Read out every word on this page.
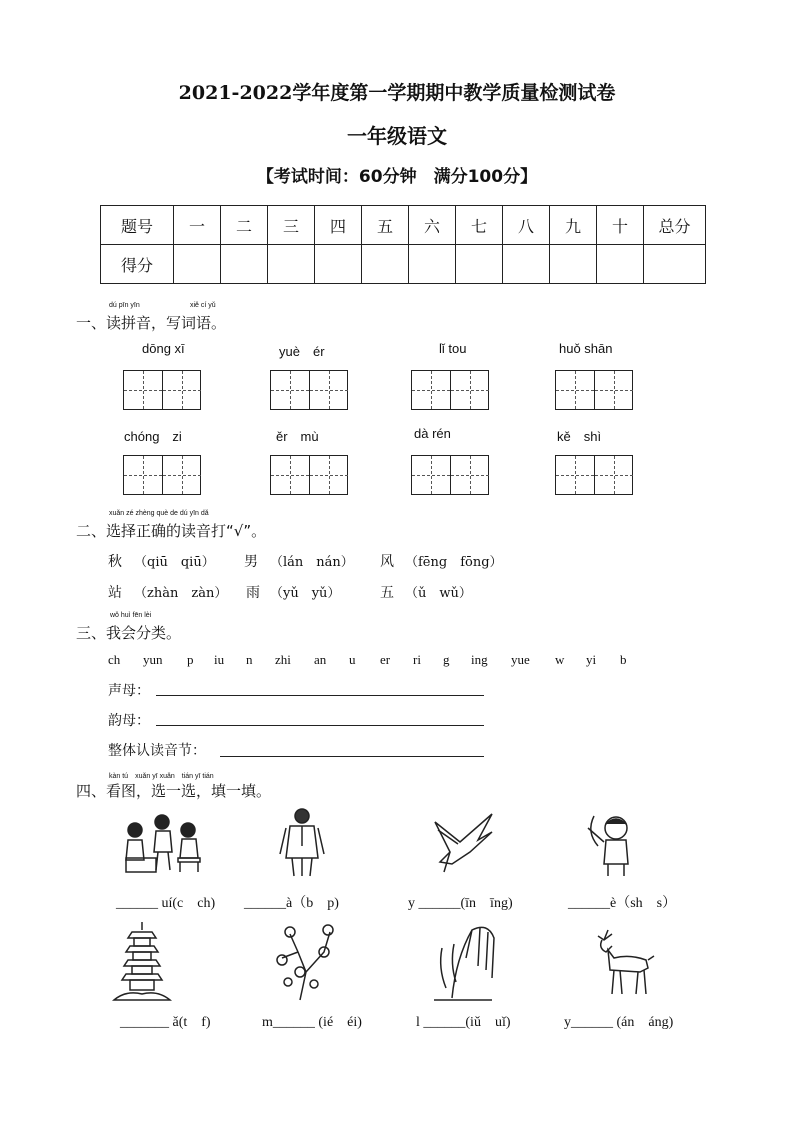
2021-2022学年度第一学期期中教学质量检测试卷
一年级语文
【考试时间：60分钟　满分100分】
题号	一	二	三	四	五	六	七	八	九	十	总分
得分											
dú pīn yīn	xiě cí yǔ
一、读拼音，写词语。
dōng xī	yuè　ér	lǐ tou	huǒ shān
chóng　zi	ěr　mù	dà rén	kě　shì
xuǎn zé zhèng què de dú yīn dǎ
二、选择正确的读音打“√”。
秋 （qiū　qiū） 男 （lán　nán） 风 （fēng　fōng）
站 （zhàn　zàn） 雨 （yǔ　yǔ）	五 （ǔ　wǔ）
wǒ huì fēn lèi
三、我会分类。
ch yun p iu n zhi an u er ri g ing yue w yi b
声母：
韵母：
整体认读音节：
kàn tú　xuǎn yī xuǎn　tián yī tián
四、看图，选一选，填一填。
______ uí(c　ch) ______à（b　p)	y ______(īn　īng)	______è（sh　s）
_______ ǎ(t　f)	m______ (ié　éi)	l ______(iǔ　uǐ)	y______ (án　áng)
